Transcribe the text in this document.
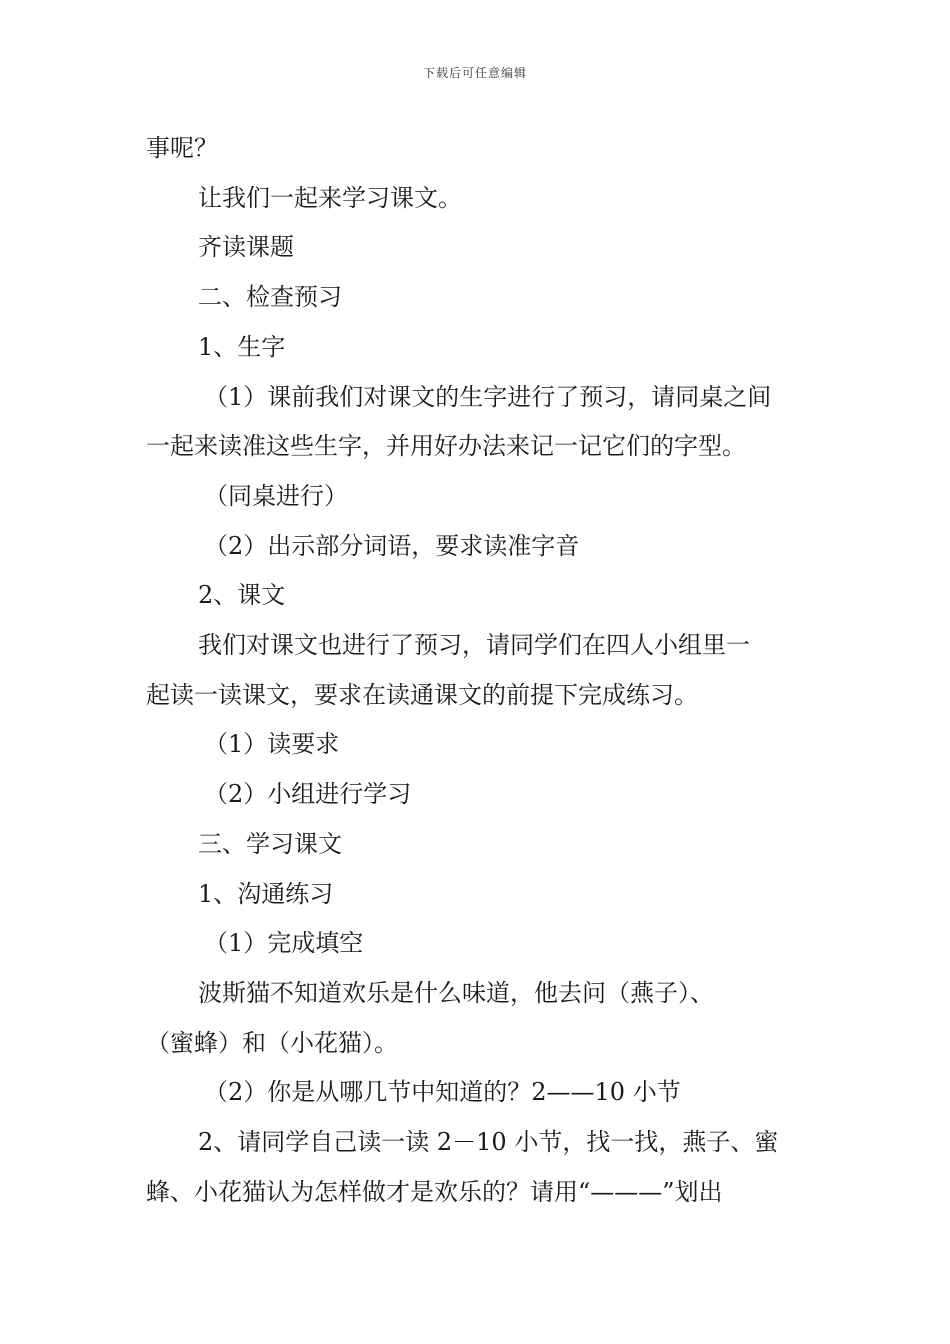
下载后可任意编辑

事呢？

让我们一起来学习课文。

齐读课题

二、检查预习

1、生字

（1）课前我们对课文的生字进行了预习，请同桌之间

一起来读准这些生字，并用好办法来记一记它们的字型。

（同桌进行）

（2）出示部分词语，要求读准字音

2、课文

我们对课文也进行了预习，请同学们在四人小组里一

起读一读课文，要求在读通课文的前提下完成练习。

（1）读要求

（2）小组进行学习

三、学习课文

1、沟通练习

（1）完成填空

波斯猫不知道欢乐是什么味道，他去问（燕子）、

（蜜蜂）和（小花猫）。

（2）你是从哪几节中知道的？2——10 小节

2、请同学自己读一读 2－10 小节，找一找，燕子、蜜

蜂、小花猫认为怎样做才是欢乐的？请用“———”划出
